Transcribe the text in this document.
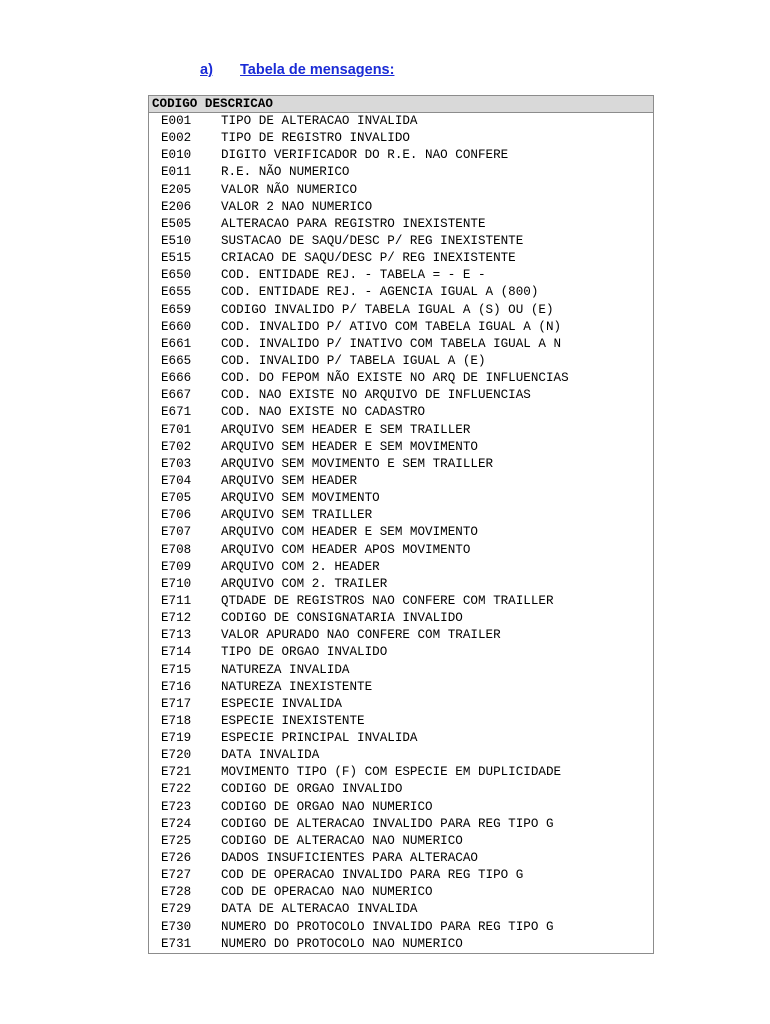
a) Tabela de mensagens:
CODIGO DESCRICAO
E001 TIPO DE ALTERACAO INVALIDA
E002 TIPO DE REGISTRO INVALIDO
E010 DIGITO VERIFICADOR DO R.E. NAO CONFERE
E011 R.E. NÃO NUMERICO
E205 VALOR NÃO NUMERICO
E206 VALOR 2 NAO NUMERICO
E505 ALTERACAO PARA REGISTRO INEXISTENTE
E510 SUSTACAO DE SAQU/DESC P/ REG INEXISTENTE
E515 CRIACAO DE SAQU/DESC P/ REG INEXISTENTE
E650 COD. ENTIDADE REJ. - TABELA = - E -
E655 COD. ENTIDADE REJ. - AGENCIA IGUAL A (800)
E659 CODIGO INVALIDO P/ TABELA IGUAL A (S) OU (E)
E660 COD. INVALIDO P/ ATIVO COM TABELA IGUAL A (N)
E661 COD. INVALIDO P/ INATIVO COM TABELA IGUAL A N
E665 COD. INVALIDO P/ TABELA IGUAL A (E)
E666 COD. DO FEPOM NÃO EXISTE NO ARQ DE INFLUENCIAS
E667 COD. NAO EXISTE NO ARQUIVO DE INFLUENCIAS
E671 COD. NAO EXISTE NO CADASTRO
E701 ARQUIVO SEM HEADER E SEM TRAILLER
E702 ARQUIVO SEM HEADER E SEM MOVIMENTO
E703 ARQUIVO SEM MOVIMENTO E SEM TRAILLER
E704 ARQUIVO SEM HEADER
E705 ARQUIVO SEM MOVIMENTO
E706 ARQUIVO SEM TRAILLER
E707 ARQUIVO COM HEADER E SEM MOVIMENTO
E708 ARQUIVO COM HEADER APOS MOVIMENTO
E709 ARQUIVO COM 2. HEADER
E710 ARQUIVO COM 2. TRAILER
E711 QTDADE DE REGISTROS NAO CONFERE COM TRAILLER
E712 CODIGO DE CONSIGNATARIA INVALIDO
E713 VALOR APURADO NAO CONFERE COM TRAILER
E714 TIPO DE ORGAO INVALIDO
E715 NATUREZA INVALIDA
E716 NATUREZA INEXISTENTE
E717 ESPECIE INVALIDA
E718 ESPECIE INEXISTENTE
E719 ESPECIE PRINCIPAL INVALIDA
E720 DATA INVALIDA
E721 MOVIMENTO TIPO (F) COM ESPECIE EM DUPLICIDADE
E722 CODIGO DE ORGAO INVALIDO
E723 CODIGO DE ORGAO NAO NUMERICO
E724 CODIGO DE ALTERACAO INVALIDO PARA REG TIPO G
E725 CODIGO DE ALTERACAO NAO NUMERICO
E726 DADOS INSUFICIENTES PARA ALTERACAO
E727 COD DE OPERACAO INVALIDO PARA REG TIPO G
E728 COD DE OPERACAO NAO NUMERICO
E729 DATA DE ALTERACAO INVALIDA
E730 NUMERO DO PROTOCOLO INVALIDO PARA REG TIPO G
E731 NUMERO DO PROTOCOLO NAO NUMERICO
